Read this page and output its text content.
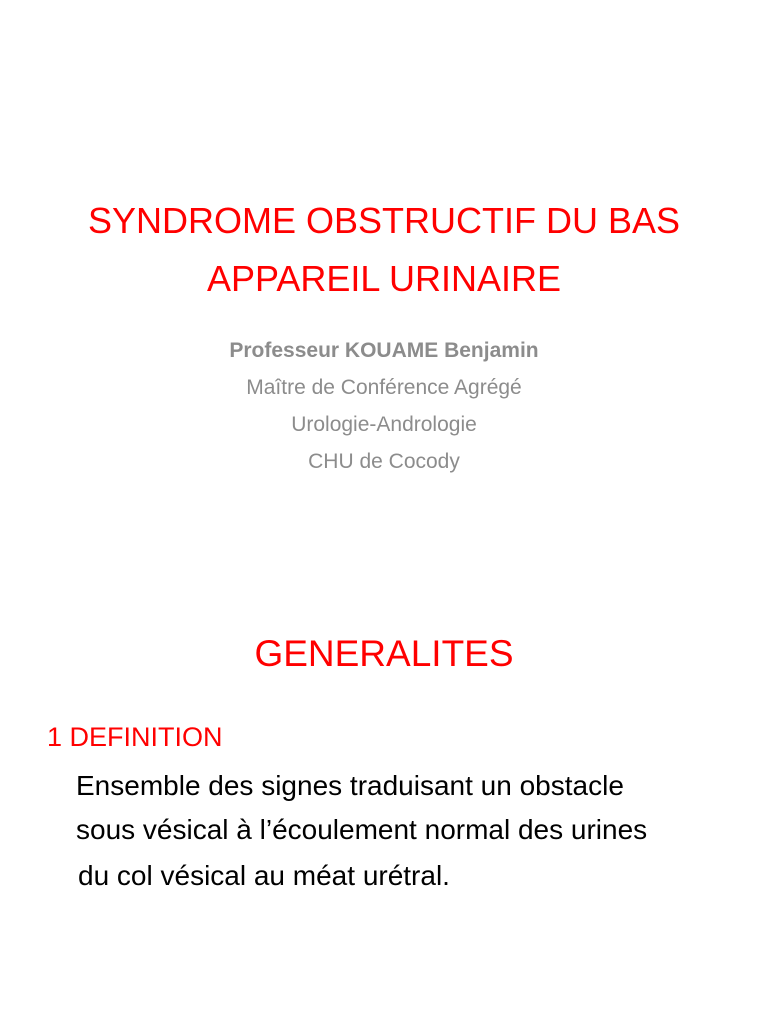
SYNDROME OBSTRUCTIF DU BAS
APPAREIL URINAIRE
Professeur KOUAME Benjamin
Maître de Conférence Agrégé
Urologie-Andrologie
CHU de Cocody
GENERALITES
1 DEFINITION
Ensemble des signes traduisant un obstacle
sous vésical à l’écoulement normal des urines
du col vésical au méat urétral.
